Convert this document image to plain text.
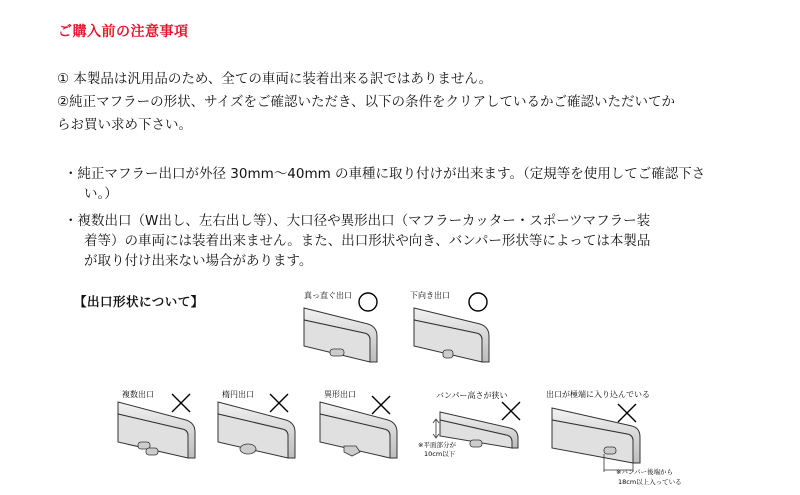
ご購入前の注意事項
① 本製品は汎用品のため、全ての車両に装着出来る訳ではありません。
②純正マフラーの形状、サイズをご確認いただき、以下の条件をクリアしているかご確認いただいてか
らお買い求め下さい。
・純正マフラー出口が外径 30mm～40mm の車種に取り付けが出来ます。（定規等を使用してご確認下さ
い。）
・複数出口（W出し、左右出し等）、大口径や異形出口（マフラーカッター・スポーツマフラー装
着等）の車両には装着出来ません。また、出口形状や向き、バンパー形状等によっては本製品
が取り付け出来ない場合があります。
【出口形状について】	真っ直ぐ出口	下向き出口
複数出口	楕円出口	異形出口	バンパー高さが狭い
※平面部分が
10cm以下
出口が極端に入り込んでいる
※バンパー後端から
18cm以上入っている
